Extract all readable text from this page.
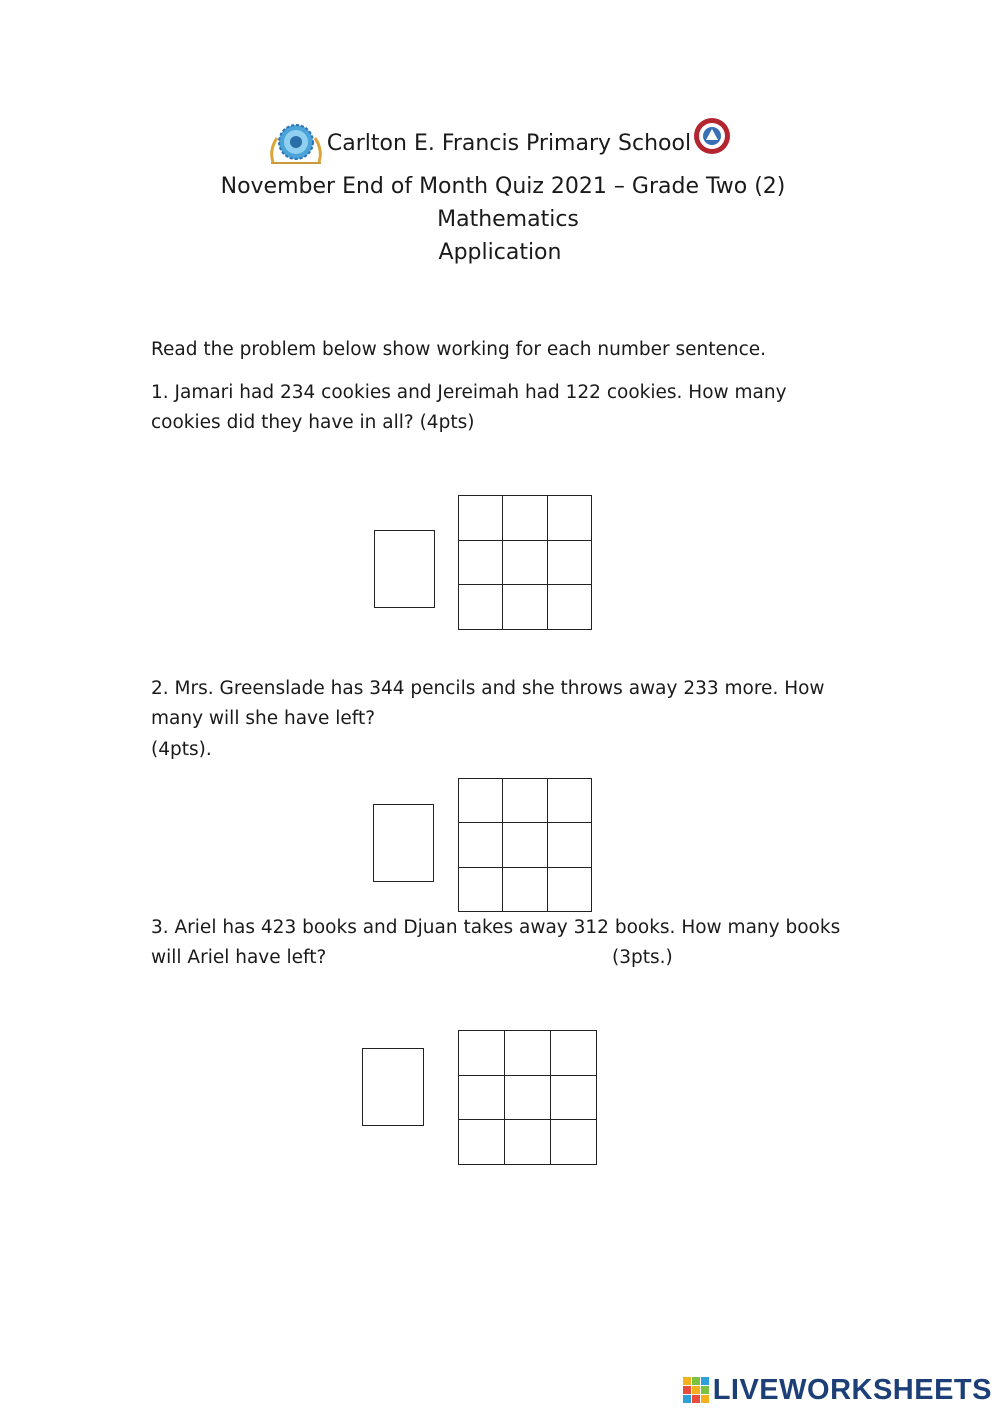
Carlton E. Francis Primary School
November End of Month Quiz 2021 – Grade Two (2)
Mathematics
Application
Read the problem below show working for each number sentence.
1. Jamari had 234 cookies and Jereimah had 122 cookies. How many
cookies did they have in all? (4pts)
2. Mrs. Greenslade has 344 pencils and she throws away 233 more. How
many will she have left?
(4pts).
3. Ariel has 423 books and Djuan takes away 312 books. How many books
will Ariel have left?	(3pts.)
LIVEWORKSHEETS
